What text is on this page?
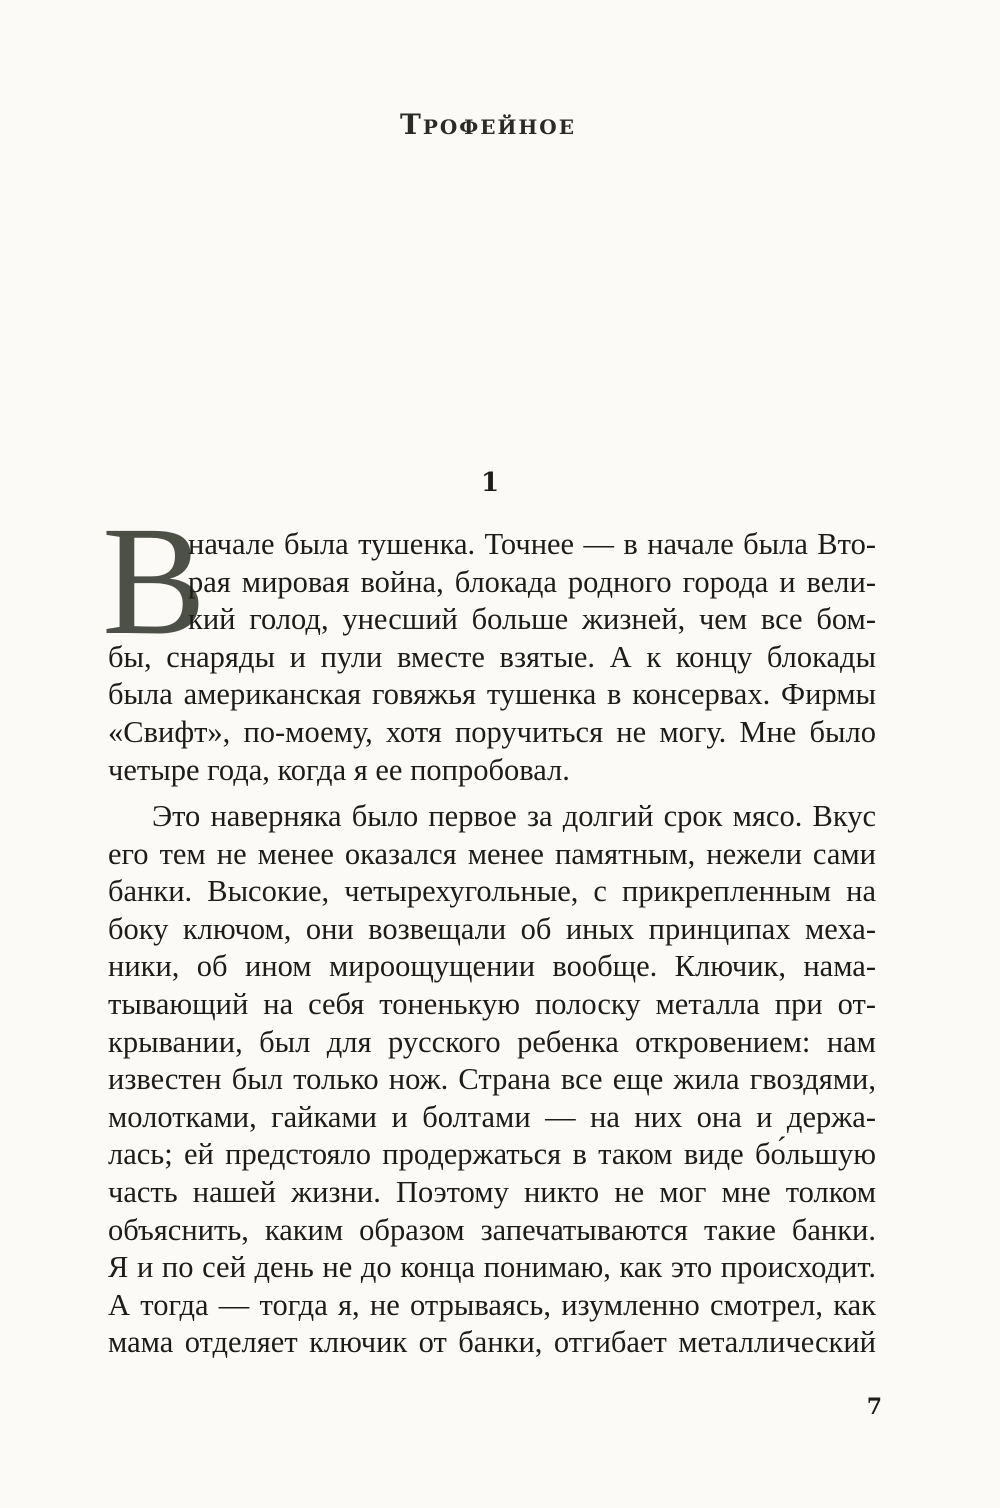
Трофейное
1
В
начале была тушенка. Точнее — в начале была Вто-
рая мировая война, блокада родного города и вели-
кий голод, унесший больше жизней, чем все бом-
бы, снаряды и пули вместе взятые. А к концу блокады
была американская говяжья тушенка в консервах. Фирмы
«Свифт», по-моему, хотя поручиться не могу. Мне было
четыре года, когда я ее попробовал.
Это наверняка было первое за долгий срок мясо. Вкус
его тем не менее оказался менее памятным, нежели сами
банки. Высокие, четырехугольные, с прикрепленным на
боку ключом, они возвещали об иных принципах меха-
ники, об ином мироощущении вообще. Ключик, нама-
тывающий на себя тоненькую полоску металла при от-
крывании, был для русского ребенка откровением: нам
известен был только нож. Страна все еще жила гвоздями,
молотками, гайками и болтами — на них она и держа-
лась; ей предстояло продержаться в таком виде бо́льшую
часть нашей жизни. Поэтому никто не мог мне толком
объяснить, каким образом запечатываются такие банки.
Я и по сей день не до конца понимаю, как это происходит.
А тогда — тогда я, не отрываясь, изумленно смотрел, как
мама отделяет ключик от банки, отгибает металлический
7
